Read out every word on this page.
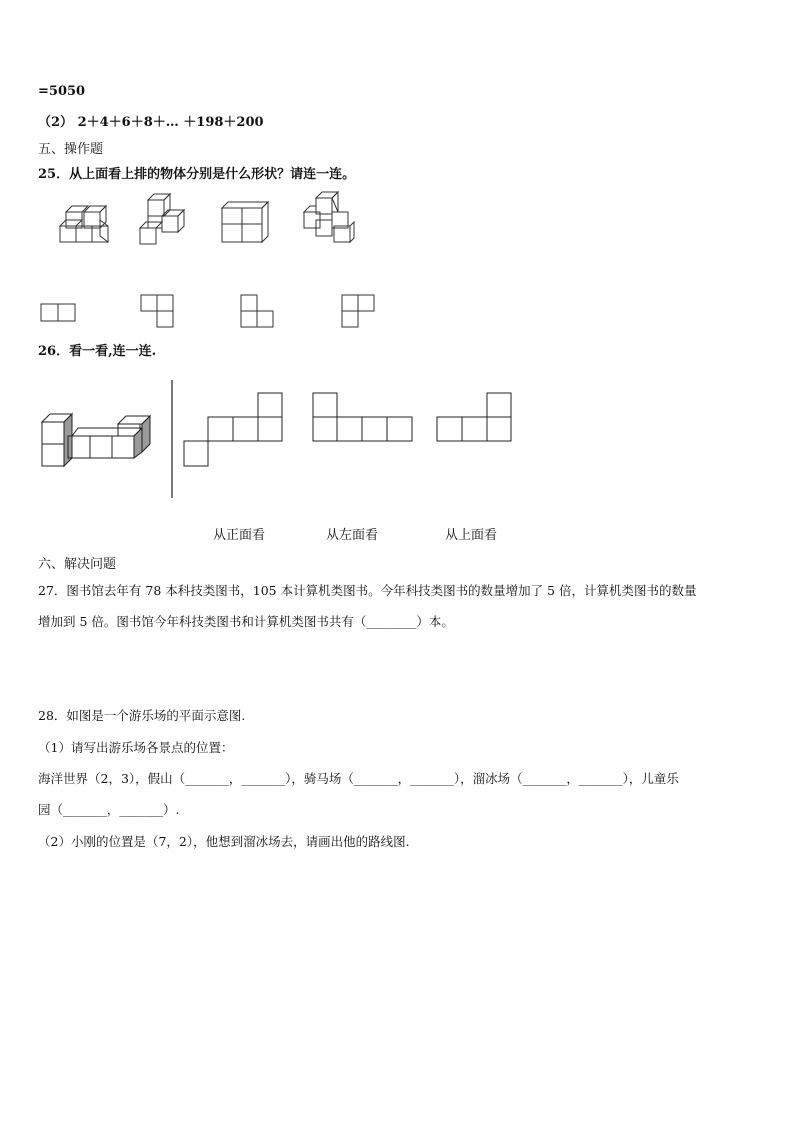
=5050
（2） 2＋4＋6＋8＋… ＋198＋200
五、操作题
25．从上面看上排的物体分别是什么形状？请连一连。
26．看一看,连一连.
从正面看	从左面看	从上面看
六、解决问题
27．图书馆去年有 78 本科技类图书，105 本计算机类图书。今年科技类图书的数量增加了 5 倍，计算机类图书的数量
增加到 5 倍。图书馆今年科技类图书和计算机类图书共有（________）本。
28．如图是一个游乐场的平面示意图.
（1）请写出游乐场各景点的位置：
海洋世界（2，3），假山（_______，_______），骑马场（_______，_______），溜冰场（_______，_______），儿童乐
园（_______，_______）.
（2）小刚的位置是（7，2），他想到溜冰场去，请画出他的路线图.
